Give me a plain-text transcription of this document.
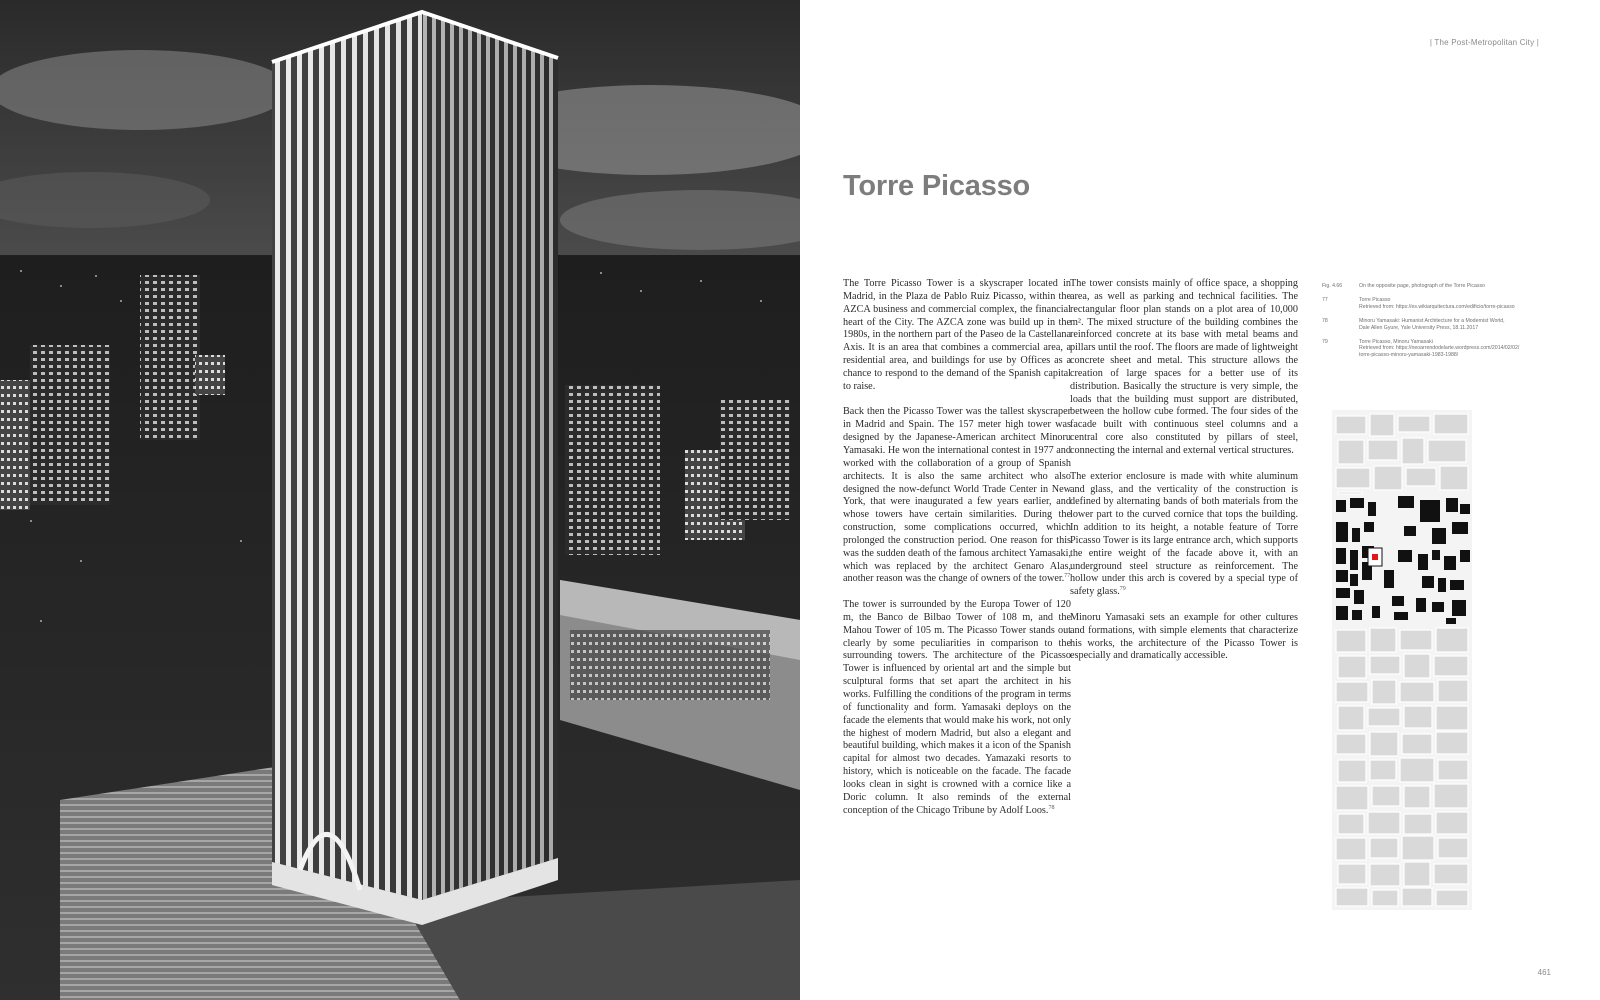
| The Post-Metropolitan City |
Torre Picasso

The Torre Picasso Tower is a skyscraper located in Madrid, in the Plaza de Pablo Ruiz Picasso, within the AZCA business and commercial complex, the financial heart of the City. The AZCA zone was build up in the 1980s, in the northern part of the Paseo de la Castellana Axis. It is an area that combines a commercial area, a residential area, and buildings for use by Offices as a chance to respond to the demand of the Spanish capital to raise.

Back then the Picasso Tower was the tallest skyscraper in Madrid and Spain. The 157 meter high tower was designed by the Japanese-American architect Minoru Yamasaki. He won the international contest in 1977 and worked with the collaboration of a group of Spanish architects. It is also the same architect who also designed the now-defunct World Trade Center in New York, that were inaugurated a few years earlier, and whose towers have certain similarities. During the construction, some complications occurred, which prolonged the construction period. One reason for this was the sudden death of the famous architect Yamasaki, which was replaced by the architect Genaro Alas, another reason was the change of owners of the tower.$^{77}$

The tower is surrounded by the Europa Tower of 120 m, the Banco de Bilbao Tower of 108 m, and the Mahou Tower of 105 m. The Picasso Tower stands out clearly by some peculiarities in comparison to the surrounding towers. The architecture of the Picasso Tower is influenced by oriental art and the simple but sculptural forms that set apart the architect in his works. Fulfilling the conditions of the program in terms of functionality and form. Yamasaki deploys on the facade the elements that would make his work, not only the highest of modern Madrid, but also a elegant and beautiful building, which makes it a icon of the Spanish capital for almost two decades. Yamazaki resorts to history, which is noticeable on the facade. The facade looks clean in sight is crowned with a cornice like a Doric column. It also reminds of the external conception of the Chicago Tribune by Adolf Loos.$^{78}$

The tower consists mainly of office space, a shopping area, as well as parking and technical facilities. The rectangular floor plan stands on a plot area of 10,000 m². The mixed structure of the building combines the reinforced concrete at its base with metal beams and pillars until the roof. The floors are made of lightweight concrete sheet and metal. This structure allows the creation of large spaces for a better use of its distribution. Basically the structure is very simple, the loads that the building must support are distributed, between the hollow cube formed. The four sides of the facade built with continuous steel columns and a central core also constituted by pillars of steel, connecting the internal and external vertical structures.

The exterior enclosure is made with white aluminum and glass, and the verticality of the construction is defined by alternating bands of both materials from the lower part to the curved cornice that tops the building. In addition to its height, a notable feature of Torre Picasso Tower is its large entrance arch, which supports the entire weight of the facade above it, with an underground steel structure as reinforcement. The hollow under this arch is covered by a special type of safety glass.$^{79}$

Minoru Yamasaki sets an example for other cultures and formations, with simple elements that characterize his works, the architecture of the Picasso Tower is especially and dramatically accessible.

Fig. 4.66	On the opposite page, photograph of the Torre Picasso
77	Torre Picasso
Retrieved from: https://es.wikiarquitectura.com/edificio/torre-picasso
78	Minoru Yamasaki: Humanist Architecture for a Modernist World,
Dale Allen Gyure, Yale University Press, 18.11.2017
79	Torre Picasso, Minoru Yamasaki
Retrieved from: https://neoarrendodelarte.wordpress.com/2014/02/02/
torre-picasso-minoru-yamasaki-1983-1988/
461
